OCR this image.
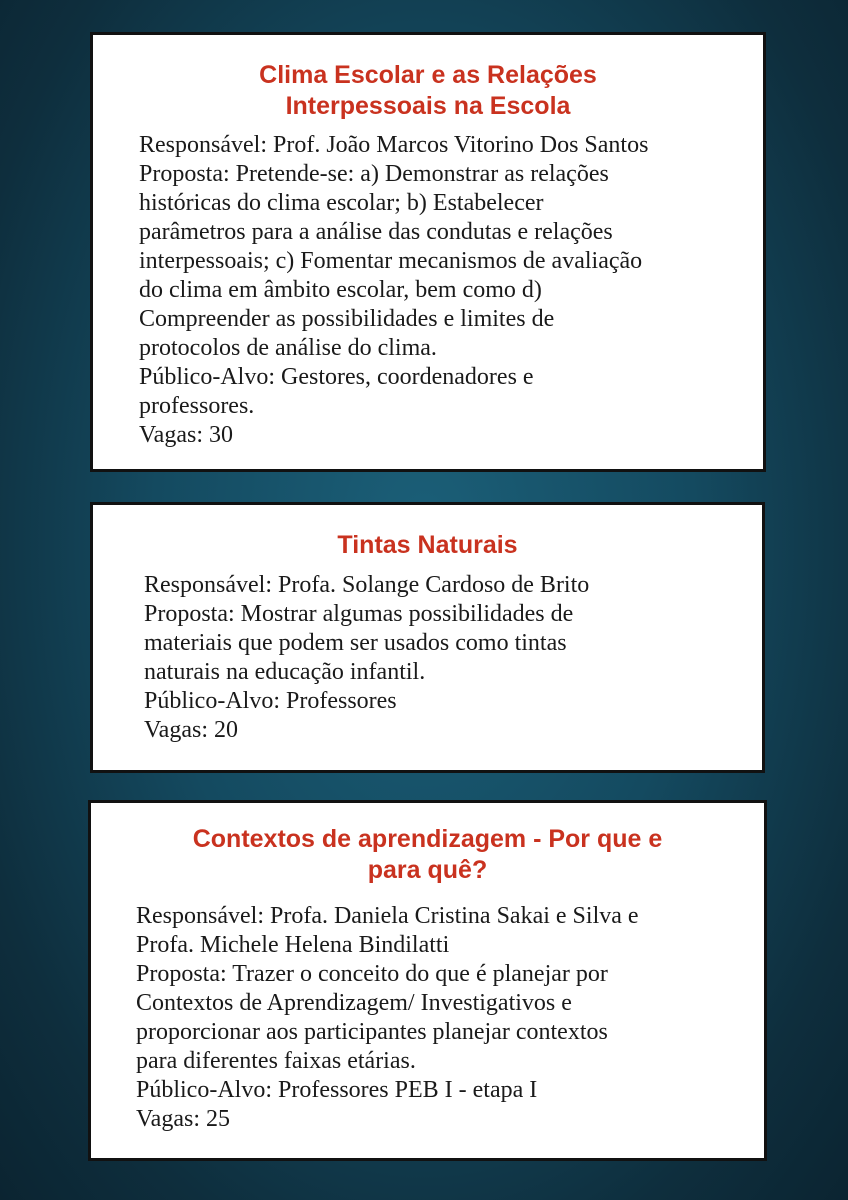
Clima Escolar e as Relações
Interpessoais na Escola
Responsável: Prof. João Marcos Vitorino Dos Santos
Proposta: Pretende-se: a) Demonstrar as relações
históricas do clima escolar; b) Estabelecer
parâmetros para a análise das condutas e relações
interpessoais; c) Fomentar mecanismos de avaliação
do clima em âmbito escolar, bem como d)
Compreender as possibilidades e limites de
protocolos de análise do clima.
Público-Alvo: Gestores, coordenadores e
professores.
Vagas: 30
Tintas Naturais
Responsável: Profa. Solange Cardoso de Brito
Proposta: Mostrar algumas possibilidades de
materiais que podem ser usados como tintas
naturais na educação infantil.
Público-Alvo: Professores
Vagas: 20
Contextos de aprendizagem - Por que e
para quê?
Responsável: Profa. Daniela Cristina Sakai e Silva e
Profa. Michele Helena Bindilatti
Proposta: Trazer o conceito do que é planejar por
Contextos de Aprendizagem/ Investigativos e
proporcionar aos participantes planejar contextos
para diferentes faixas etárias.
Público-Alvo: Professores PEB I - etapa I
Vagas: 25
